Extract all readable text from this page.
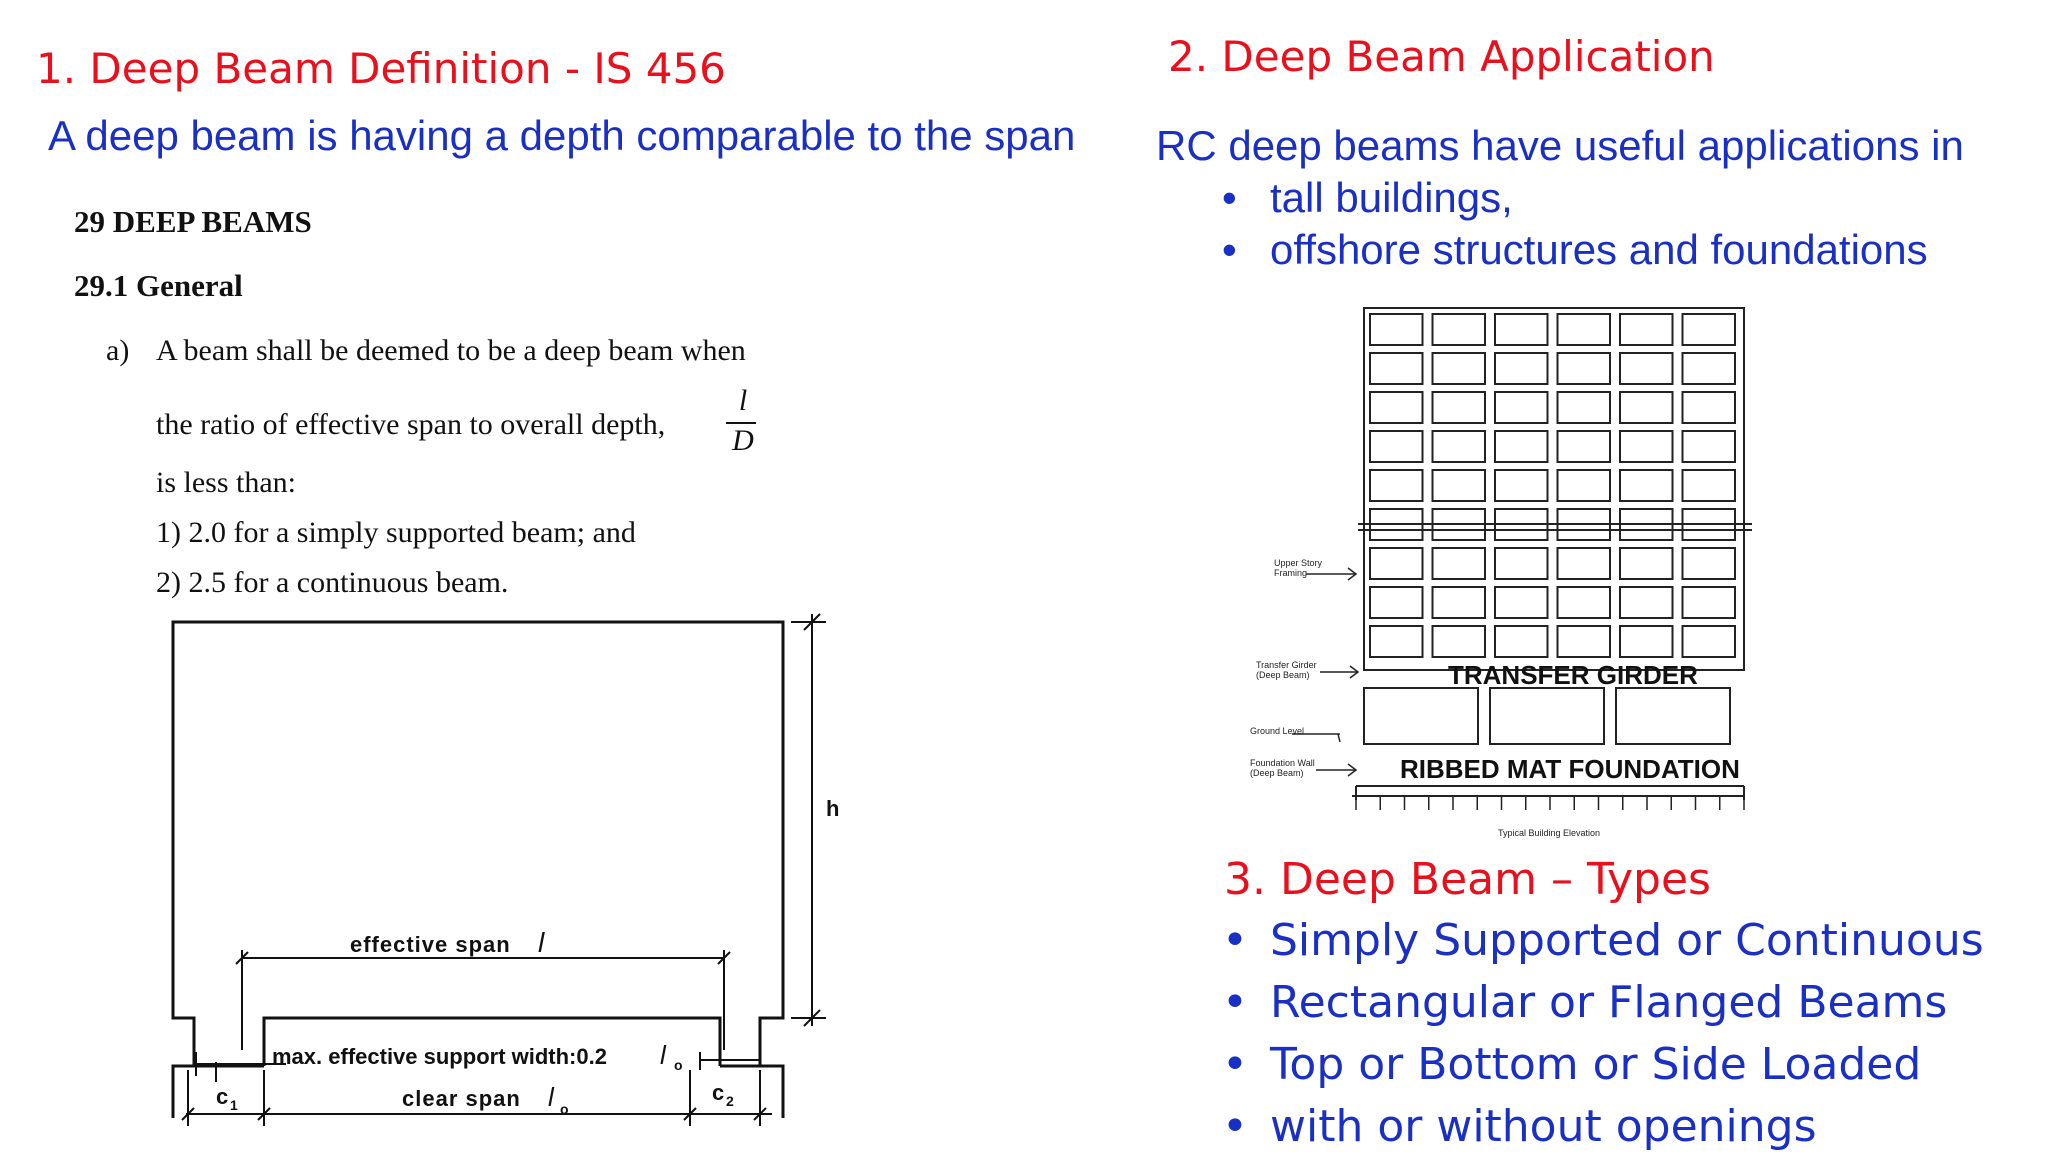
1. Deep Beam Definition - IS 456
A deep beam is having a depth comparable to the span
29 DEEP BEAMS
29.1 General
a) A beam shall be deemed to be a deep beam when
the ratio of effective span to overall depth,
l
D
is less than:
1) 2.0 for a simply supported beam; and
2) 2.5 for a continuous beam.
h
effective span l
max. effective support width:0.2 l o
clear span l o
c 1	c 2
2. Deep Beam Application
RC deep beams have useful applications in
• tall buildings,
• offshore structures and foundations
Upper Story
Framing
Transfer Girder
(Deep Beam)
Ground Level
Foundation Wall
(Deep Beam)
Typical Building Elevation
TRANSFER GIRDER
RIBBED MAT FOUNDATION
3. Deep Beam – Types
• Simply Supported or Continuous
• Rectangular or Flanged Beams
• Top or Bottom or Side Loaded
• with or without openings
